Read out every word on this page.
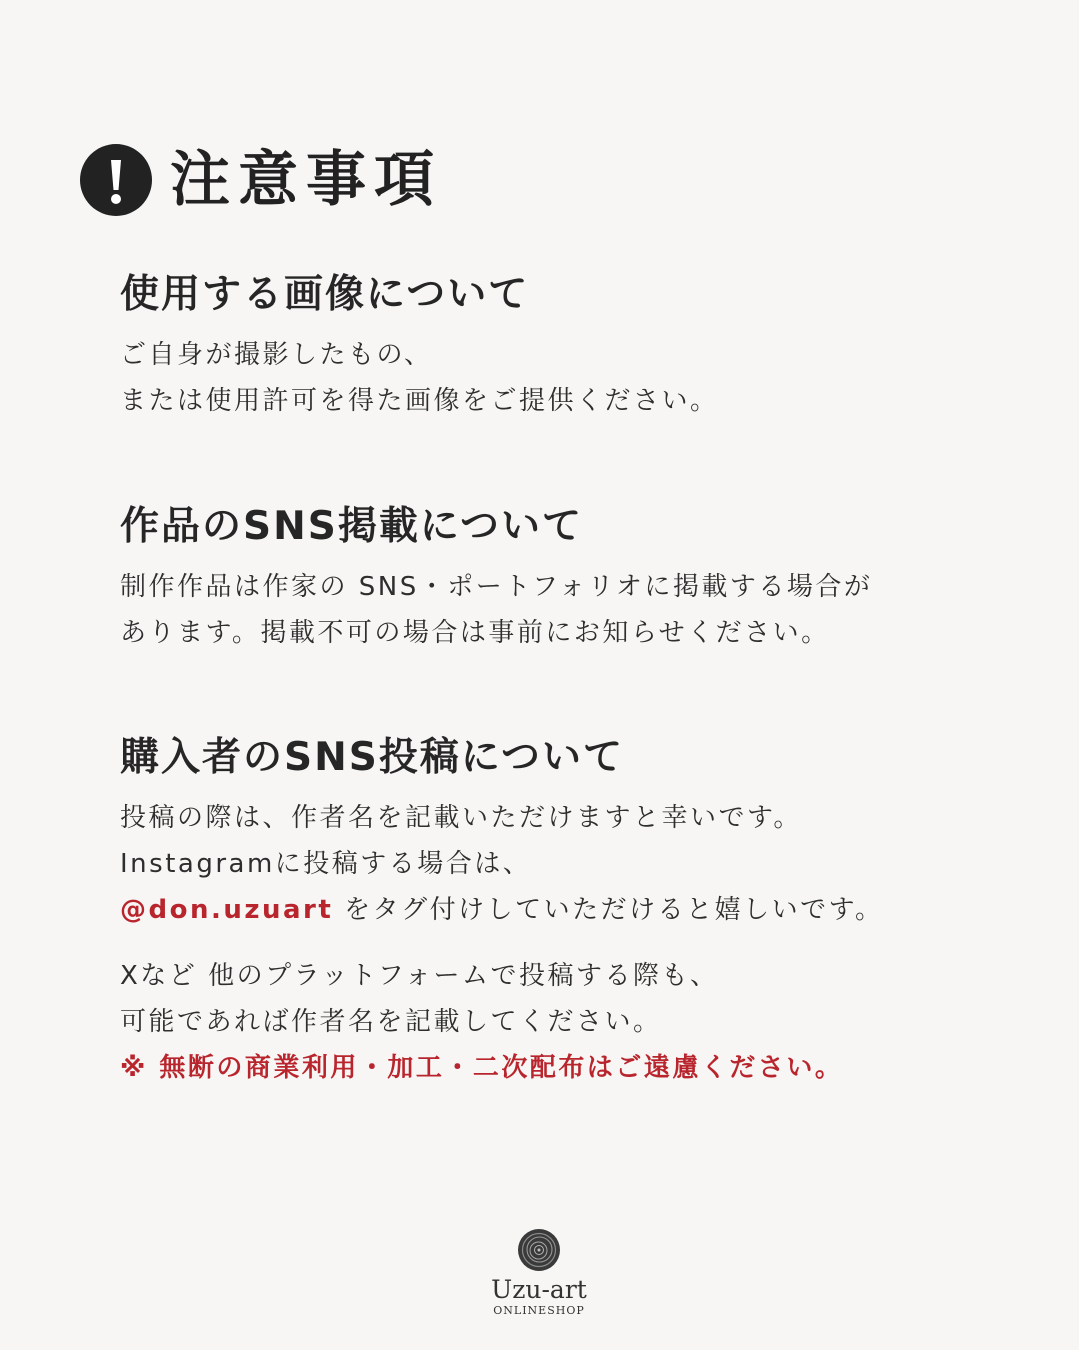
注意事項
使用する画像について
ご自身が撮影したもの、
または使用許可を得た画像をご提供ください。
作品のSNS掲載について
制作作品は作家の SNS・ポートフォリオに掲載する場合が
あります。掲載不可の場合は事前にお知らせください。
購入者のSNS投稿について
投稿の際は、作者名を記載いただけますと幸いです。
Instagramに投稿する場合は、
@don.uzuart をタグ付けしていただけると嬉しいです。
Xなど 他のプラットフォームで投稿する際も、
可能であれば作者名を記載してください。
※ 無断の商業利用・加工・二次配布はご遠慮ください。
Uzu-art
ONLINESHOP
